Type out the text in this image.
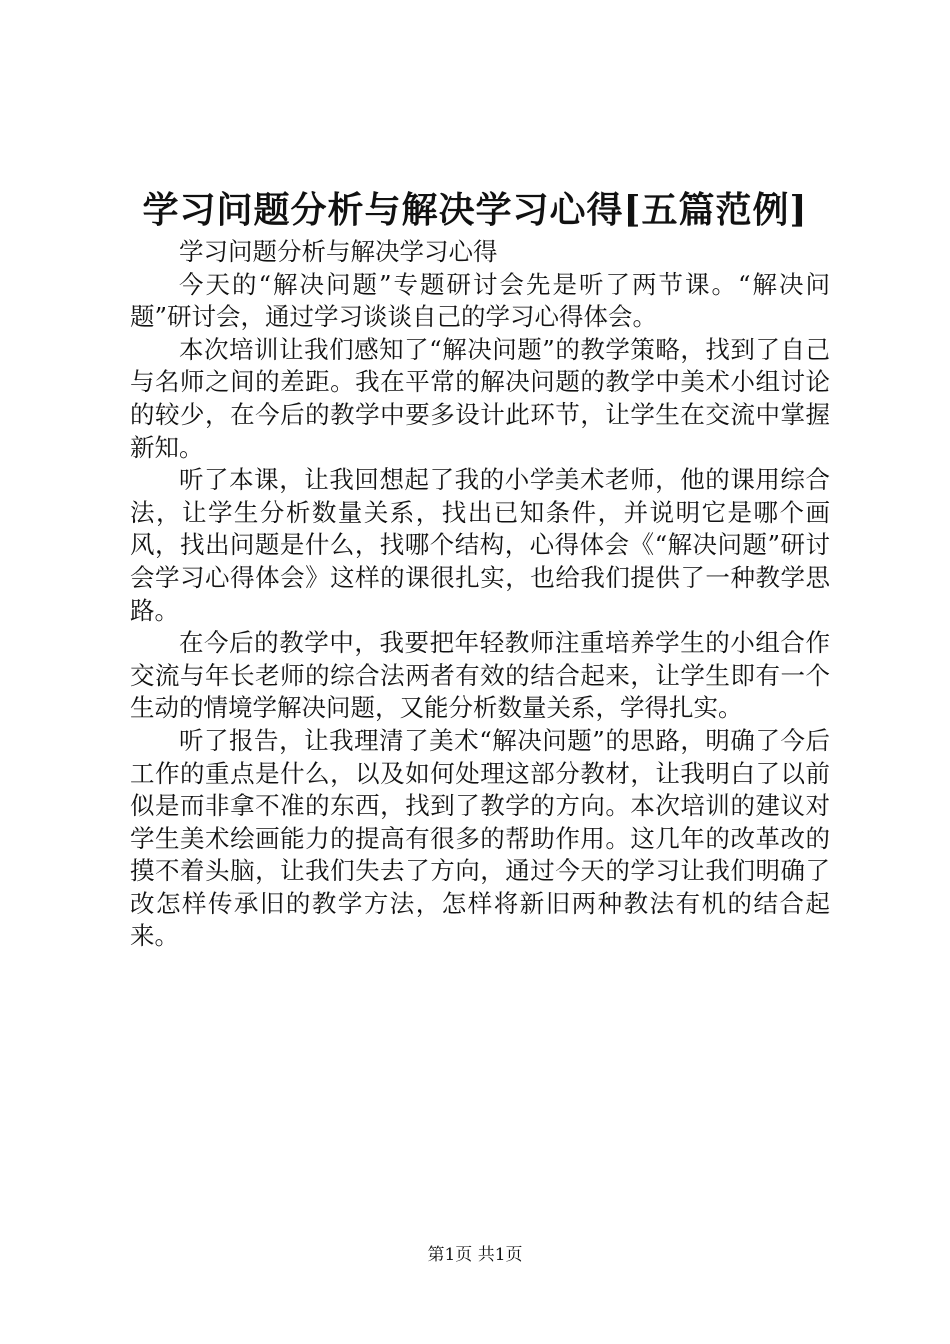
学习问题分析与解决学习心得[五篇范例]

学习问题分析与解决学习心得

今天的“解决问题”专题研讨会先是听了两节课。“解决问题”研讨会，通过学习谈谈自己的学习心得体会。

本次培训让我们感知了“解决问题”的教学策略，找到了自己与名师之间的差距。我在平常的解决问题的教学中美术小组讨论的较少，在今后的教学中要多设计此环节，让学生在交流中掌握新知。

听了本课，让我回想起了我的小学美术老师，他的课用综合法，让学生分析数量关系，找出已知条件，并说明它是哪个画风，找出问题是什么，找哪个结构，心得体会《“解决问题”研讨会学习心得体会》这样的课很扎实，也给我们提供了一种教学思路。

在今后的教学中，我要把年轻教师注重培养学生的小组合作交流与年长老师的综合法两者有效的结合起来，让学生即有一个生动的情境学解决问题，又能分析数量关系，学得扎实。

听了报告，让我理清了美术“解决问题”的思路，明确了今后工作的重点是什么，以及如何处理这部分教材，让我明白了以前似是而非拿不准的东西，找到了教学的方向。本次培训的建议对学生美术绘画能力的提高有很多的帮助作用。这几年的改革改的摸不着头脑，让我们失去了方向，通过今天的学习让我们明确了改怎样传承旧的教学方法，怎样将新旧两种教法有机的结合起来。

第1页 共1页
